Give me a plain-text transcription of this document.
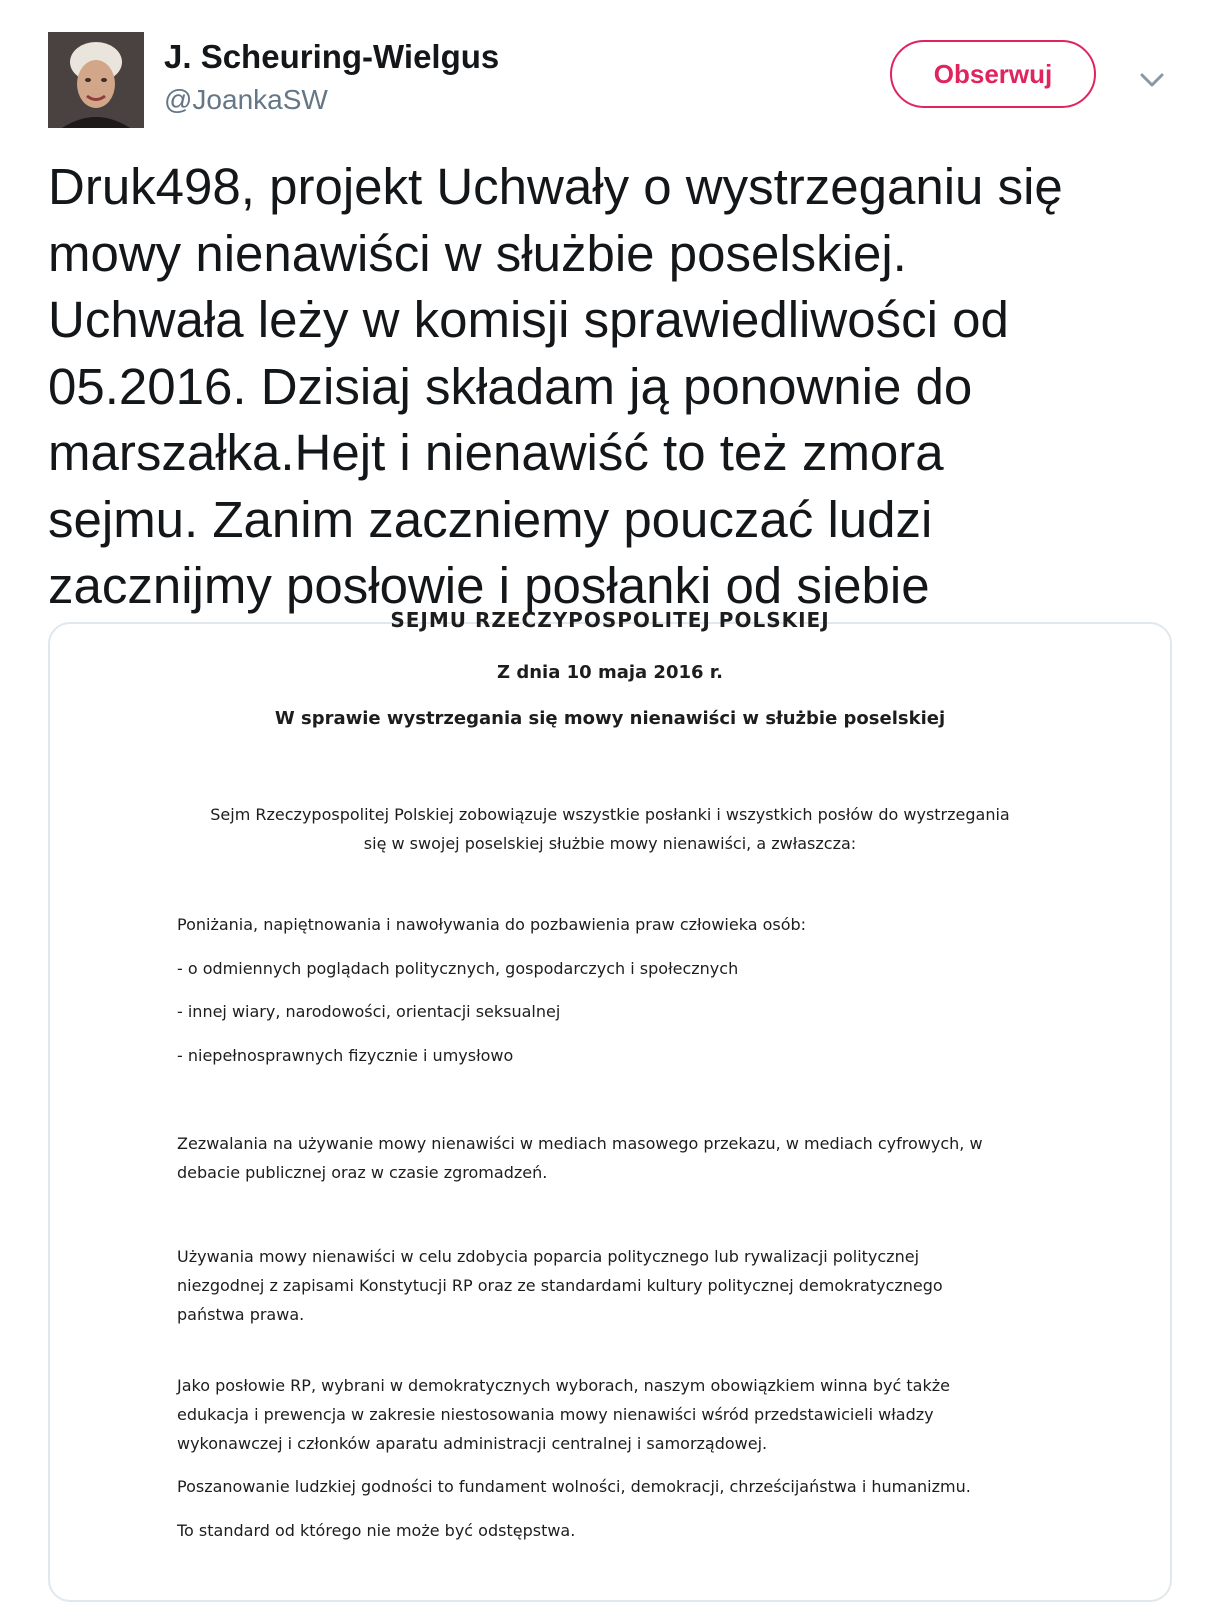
J. Scheuring-Wielgus
@JoankaSW
Obserwuj
Druk498, projekt Uchwały o wystrzeganiu się
mowy nienawiści w służbie poselskiej.
Uchwała leży w komisji sprawiedliwości od
05.2016. Dzisiaj składam ją ponownie do
marszałka.Hejt i nienawiść to też zmora
sejmu. Zanim zaczniemy pouczać ludzi
zacznijmy posłowie i posłanki od siebie
SEJMU RZECZYPOSPOLITEJ POLSKIEJ
Z dnia 10 maja 2016 r.
W sprawie wystrzegania się mowy nienawiści w służbie poselskiej
Sejm Rzeczypospolitej Polskiej zobowiązuje wszystkie posłanki i wszystkich posłów do wystrzegania
się w swojej poselskiej służbie mowy nienawiści, a zwłaszcza:
Poniżania, napiętnowania i nawoływania do pozbawienia praw człowieka osób:
- o odmiennych poglądach politycznych, gospodarczych i społecznych
- innej wiary, narodowości, orientacji seksualnej
- niepełnosprawnych fizycznie i umysłowo
Zezwalania na używanie mowy nienawiści w mediach masowego przekazu, w mediach cyfrowych, w
debacie publicznej oraz w czasie zgromadzeń.
Używania mowy nienawiści w celu zdobycia poparcia politycznego lub rywalizacji politycznej
niezgodnej z zapisami Konstytucji RP oraz ze standardami kultury politycznej demokratycznego
państwa prawa.
Jako posłowie RP, wybrani w demokratycznych wyborach, naszym obowiązkiem winna być także
edukacja i prewencja w zakresie niestosowania mowy nienawiści wśród przedstawicieli władzy
wykonawczej i członków aparatu administracji centralnej i samorządowej.
Poszanowanie ludzkiej godności to fundament wolności, demokracji, chrześcijaństwa i humanizmu.
To standard od którego nie może być odstępstwa.
